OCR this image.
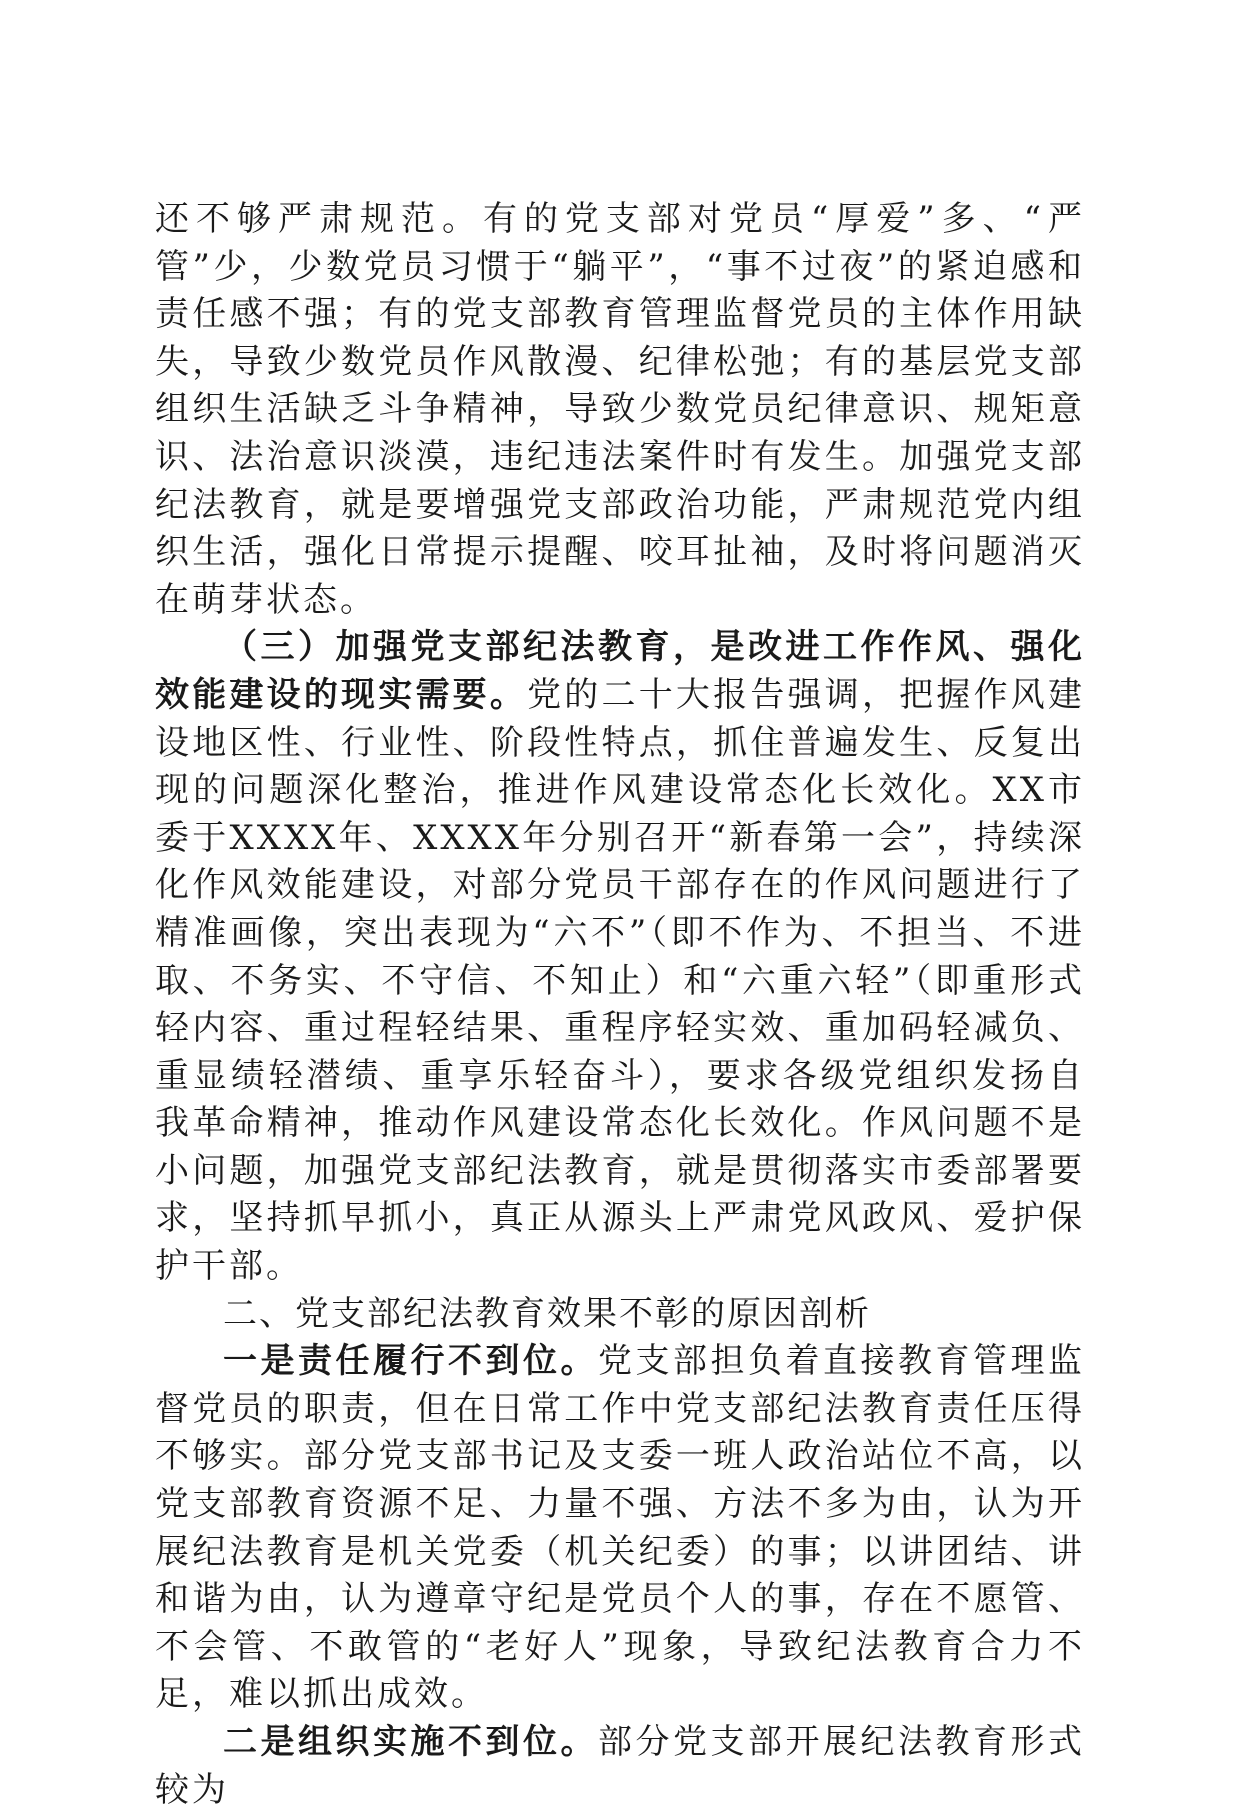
还不够严肃规范。有的党支部对党员“厚爱”多、“严管”少，少数党员习惯于“躺平”，“事不过夜”的紧迫感和责任感不强；有的党支部教育管理监督党员的主体作用缺失，导致少数党员作风散漫、纪律松弛；有的基层党支部组织生活缺乏斗争精神，导致少数党员纪律意识、规矩意识、法治意识淡漠，违纪违法案件时有发生。加强党支部纪法教育，就是要增强党支部政治功能，严肃规范党内组织生活，强化日常提示提醒、咬耳扯袖，及时将问题消灭在萌芽状态。

（三）加强党支部纪法教育，是改进工作作风、强化效能建设的现实需要。党的二十大报告强调，把握作风建设地区性、行业性、阶段性特点，抓住普遍发生、反复出现的问题深化整治，推进作风建设常态化长效化。XX市委于XXXX年、XXXX年分别召开“新春第一会”，持续深化作风效能建设，对部分党员干部存在的作风问题进行了精准画像，突出表现为“六不”（即不作为、不担当、不进取、不务实、不守信、不知止）和“六重六轻”（即重形式轻内容、重过程轻结果、重程序轻实效、重加码轻减负、重显绩轻潜绩、重享乐轻奋斗），要求各级党组织发扬自我革命精神，推动作风建设常态化长效化。作风问题不是小问题，加强党支部纪法教育，就是贯彻落实市委部署要求，坚持抓早抓小，真正从源头上严肃党风政风、爱护保护干部。

二、党支部纪法教育效果不彰的原因剖析

一是责任履行不到位。党支部担负着直接教育管理监督党员的职责，但在日常工作中党支部纪法教育责任压得不够实。部分党支部书记及支委一班人政治站位不高，以党支部教育资源不足、力量不强、方法不多为由，认为开展纪法教育是机关党委（机关纪委）的事；以讲团结、讲和谐为由，认为遵章守纪是党员个人的事，存在不愿管、不会管、不敢管的“老好人”现象，导致纪法教育合力不足，难以抓出成效。

二是组织实施不到位。部分党支部开展纪法教育形式较为
